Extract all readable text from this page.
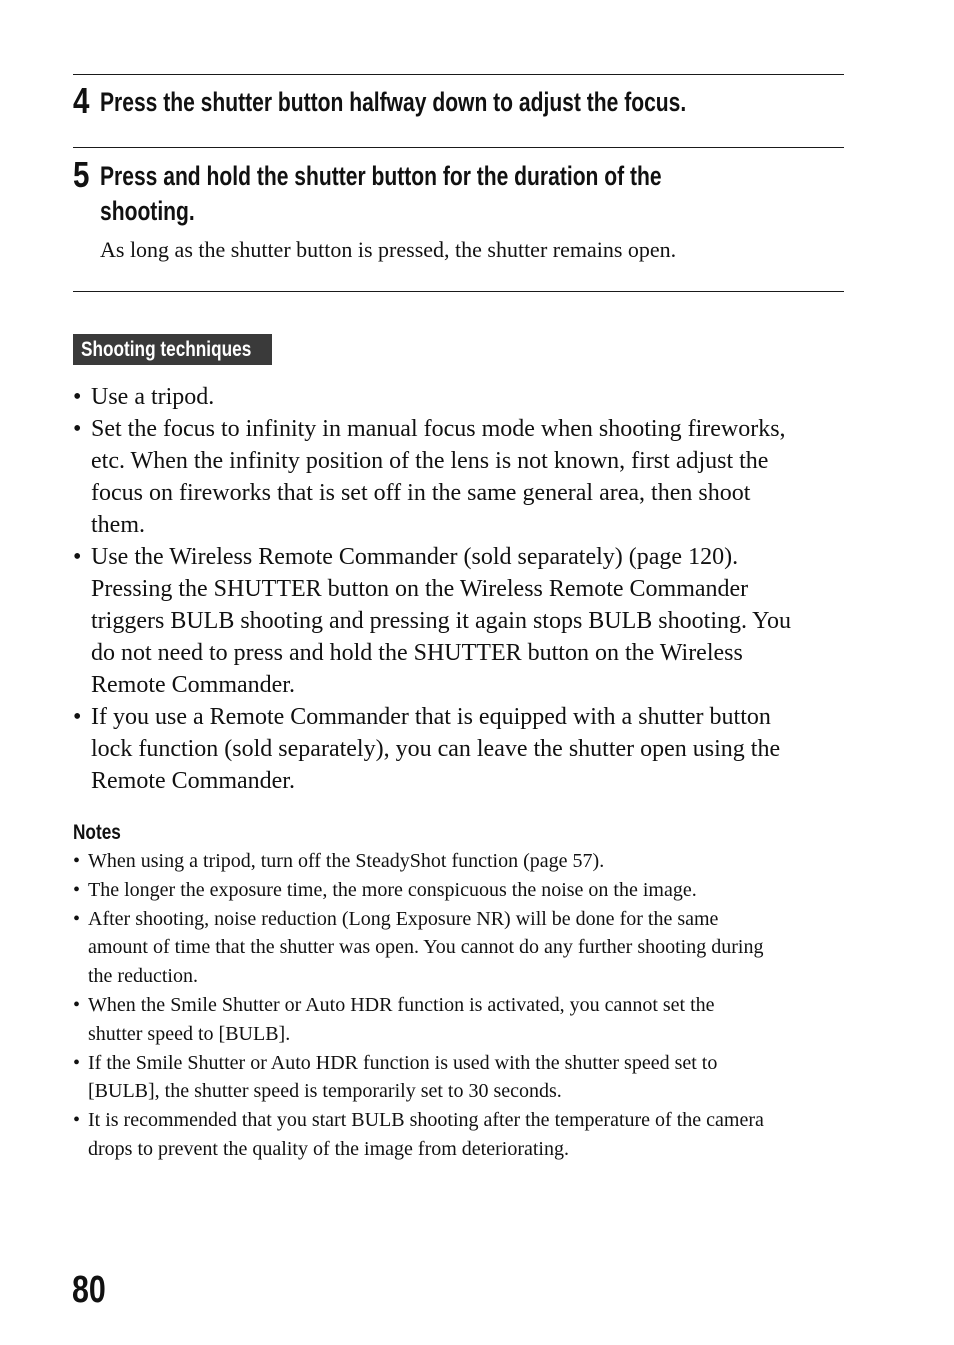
4 Press the shutter button halfway down to adjust the focus.
5 Press and hold the shutter button for the duration of the
shooting.
As long as the shutter button is pressed, the shutter remains open.
Shooting techniques
• Use a tripod.
• Set the focus to infinity in manual focus mode when shooting fireworks,
etc. When the infinity position of the lens is not known, first adjust the
focus on fireworks that is set off in the same general area, then shoot
them.
• Use the Wireless Remote Commander (sold separately) (page 120).
Pressing the SHUTTER button on the Wireless Remote Commander
triggers BULB shooting and pressing it again stops BULB shooting. You
do not need to press and hold the SHUTTER button on the Wireless
Remote Commander.
• If you use a Remote Commander that is equipped with a shutter button
lock function (sold separately), you can leave the shutter open using the
Remote Commander.
Notes
• When using a tripod, turn off the SteadyShot function (page 57).
• The longer the exposure time, the more conspicuous the noise on the image.
• After shooting, noise reduction (Long Exposure NR) will be done for the same
amount of time that the shutter was open. You cannot do any further shooting during
the reduction.
• When the Smile Shutter or Auto HDR function is activated, you cannot set the
shutter speed to [BULB].
• If the Smile Shutter or Auto HDR function is used with the shutter speed set to
[BULB], the shutter speed is temporarily set to 30 seconds.
• It is recommended that you start BULB shooting after the temperature of the camera
drops to prevent the quality of the image from deteriorating.
80
